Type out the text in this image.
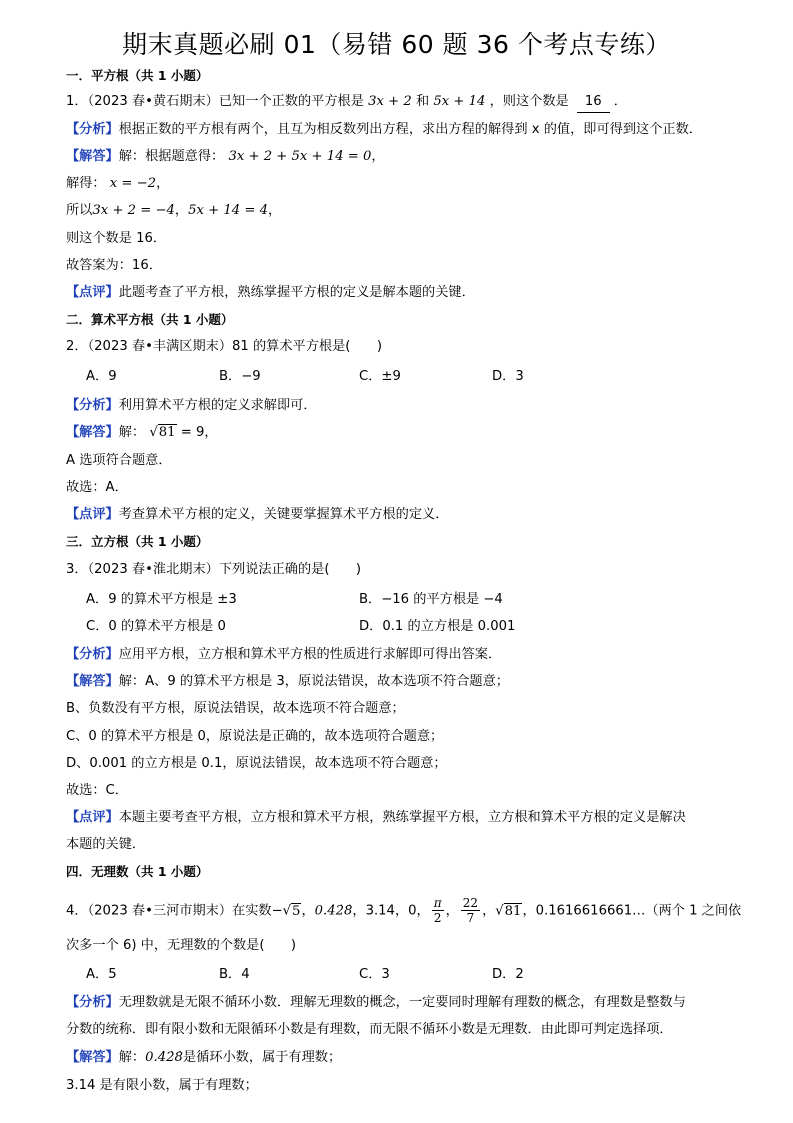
期末真题必刷 01（易错 60 题 36 个考点专练）
一．平方根（共 1 小题）
1．（2023 春•黄石期末）已知一个正数的平方根是 3x + 2 和 5x + 14 ，则这个数是 16 ．
【分析】根据正数的平方根有两个，且互为相反数列出方程，求出方程的解得到 x 的值，即可得到这个正数．
【解答】解：根据题意得： 3x + 2 + 5x + 14 = 0，
解得： x = −2，
所以3x + 2 = −4，5x + 14 = 4，
则这个数是 16．
故答案为：16．
【点评】此题考查了平方根，熟练掌握平方根的定义是解本题的关键．
二．算术平方根（共 1 小题）
2．（2023 春•丰满区期末）81 的算术平方根是(　　)
A．9	B．−9	C．±9	D．3
【分析】利用算术平方根的定义求解即可．
【解答】解： √81 = 9，
A 选项符合题意．
故选：A．
【点评】考查算术平方根的定义，关键要掌握算术平方根的定义．
三．立方根（共 1 小题）
3．（2023 春•淮北期末）下列说法正确的是(　　)
A．9 的算术平方根是 ±3	B．−16 的平方根是 −4
C．0 的算术平方根是 0	D．0.1 的立方根是 0.001
【分析】应用平方根，立方根和算术平方根的性质进行求解即可得出答案．
【解答】解：A、9 的算术平方根是 3，原说法错误，故本选项不符合题意；
B、负数没有平方根，原说法错误，故本选项不符合题意；
C、0 的算术平方根是 0，原说法是正确的，故本选项符合题意；
D、0.001 的立方根是 0.1，原说法错误，故本选项不符合题意；
故选：C．
【点评】本题主要考查平方根，立方根和算术平方根，熟练掌握平方根，立方根和算术平方根的定义是解决
本题的关键．
四．无理数（共 1 小题）
4．（2023 春•三河市期末）在实数−√5，0.4̇2̇8̇，3.14，0， $\frac{\pi}{2}$ ， $\frac{22}{7}$ ，√81，0.1616616661…（两个 1 之间依
次多一个 6) 中，无理数的个数是(　　)
A．5	B．4	C．3	D．2
【分析】无理数就是无限不循环小数．理解无理数的概念，一定要同时理解有理数的概念，有理数是整数与
分数的统称．即有限小数和无限循环小数是有理数，而无限不循环小数是无理数．由此即可判定选择项．
【解答】解：0.4̇2̇8̇是循环小数，属于有理数；
3.14 是有限小数，属于有理数；
